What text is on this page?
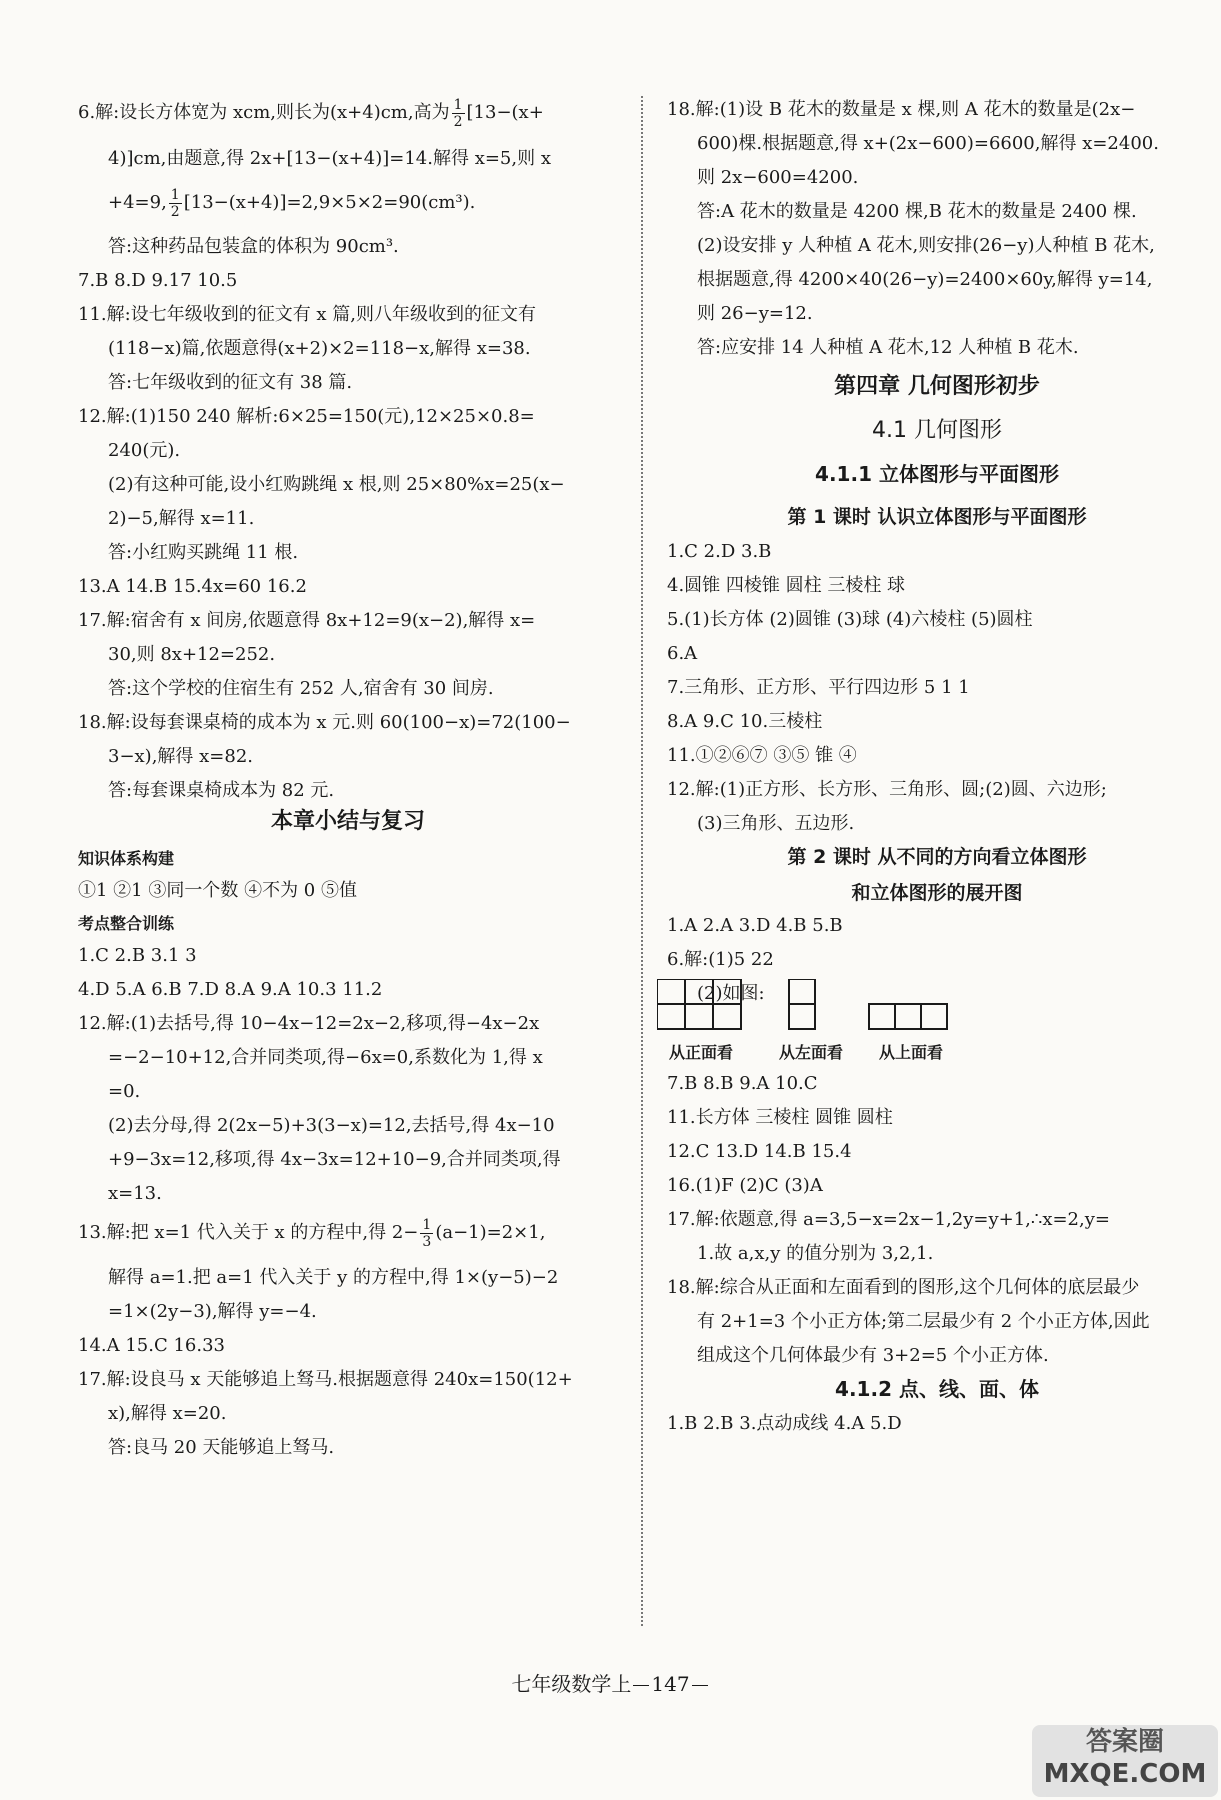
6.解:设长方体宽为 xcm,则长为(x+4)cm,高为 $\frac{1}{2} [13-(x+$
4)]cm,由题意,得 2x+[13−(x+4)]=14.解得 x=5,则 x
+4=9, $\frac{1}{2} [13-(x+4)]=2,9\times 5\times 2=90(cm^3)$.
答:这种药品包装盒的体积为 90cm³.
7.B 8.D 9.17 10.5
11.解:设七年级收到的征文有 x 篇,则八年级收到的征文有
(118−x)篇,依题意得(x+2)×2=118−x,解得 x=38.
答:七年级收到的征文有 38 篇.
12.解:(1)150 240 解析:6×25=150(元),12×25×0.8=
240(元).
(2)有这种可能,设小红购跳绳 x 根,则 25×80%x=25(x−
2)−5,解得 x=11.
答:小红购买跳绳 11 根.
13.A 14.B 15.4x=60 16.2
17.解:宿舍有 x 间房,依题意得 8x+12=9(x−2),解得 x=
30,则 8x+12=252.
答:这个学校的住宿生有 252 人,宿舍有 30 间房.
18.解:设每套课桌椅的成本为 x 元.则 60(100−x)=72(100−
3−x),解得 x=82.
答:每套课桌椅成本为 82 元.
本章小结与复习
知识体系构建
①1 ②1 ③同一个数 ④不为 0 ⑤值
考点整合训练
1.C 2.B 3.1 3
4.D 5.A 6.B 7.D 8.A 9.A 10.3 11.2
12.解:(1)去括号,得 10−4x−12=2x−2,移项,得−4x−2x
=−2−10+12,合并同类项,得−6x=0,系数化为 1,得 x
=0.
(2)去分母,得 2(2x−5)+3(3−x)=12,去括号,得 4x−10
+9−3x=12,移项,得 4x−3x=12+10−9,合并同类项,得
x=13.
13.解:把 x=1 代入关于 x 的方程中,得 $2- \frac{1}{3} (a-1)=2\times 1$,
解得 a=1.把 a=1 代入关于 y 的方程中,得 1×(y−5)−2
=1×(2y−3),解得 y=−4.
14.A 15.C 16.33
17.解:设良马 x 天能够追上驽马.根据题意得 240x=150(12+
x),解得 x=20.
答:良马 20 天能够追上驽马.
18.解:(1)设 B 花木的数量是 x 棵,则 A 花木的数量是(2x−
600)棵.根据题意,得 x+(2x−600)=6600,解得 x=2400.
则 2x−600=4200.
答:A 花木的数量是 4200 棵,B 花木的数量是 2400 棵.
(2)设安排 y 人种植 A 花木,则安排(26−y)人种植 B 花木,
根据题意,得 4200×40(26−y)=2400×60y,解得 y=14,
则 26−y=12.
答:应安排 14 人种植 A 花木,12 人种植 B 花木.
第四章 几何图形初步
4.1 几何图形
4.1.1 立体图形与平面图形
第 1 课时 认识立体图形与平面图形
1.C 2.D 3.B
4.圆锥 四棱锥 圆柱 三棱柱 球
5.(1)长方体 (2)圆锥 (3)球 (4)六棱柱 (5)圆柱
6.A
7.三角形、正方形、平行四边形 5 1 1
8.A 9.C 10.三棱柱
11.①②⑥⑦ ③⑤ 锥 ④
12.解:(1)正方形、长方形、三角形、圆;(2)圆、六边形;
(3)三角形、五边形.
第 2 课时 从不同的方向看立体图形
和立体图形的展开图
1.A 2.A 3.D 4.B 5.B
6.解:(1)5 22
(2)如图:
从正面看	从左面看 从上面看
7.B 8.B 9.A 10.C
11.长方体 三棱柱 圆锥 圆柱
12.C 13.D 14.B 15.4
16.(1)F (2)C (3)A
17.解:依题意,得 a=3,5−x=2x−1,2y=y+1,∴x=2,y=
1.故 a,x,y 的值分别为 3,2,1.
18.解:综合从正面和左面看到的图形,这个几何体的底层最少
有 2+1=3 个小正方体;第二层最少有 2 个小正方体,因此
组成这个几何体最少有 3+2=5 个小正方体.
4.1.2 点、线、面、体
1.B 2.B 3.点动成线 4.A 5.D
七年级数学上 147
答案圈
MXQE.COM
